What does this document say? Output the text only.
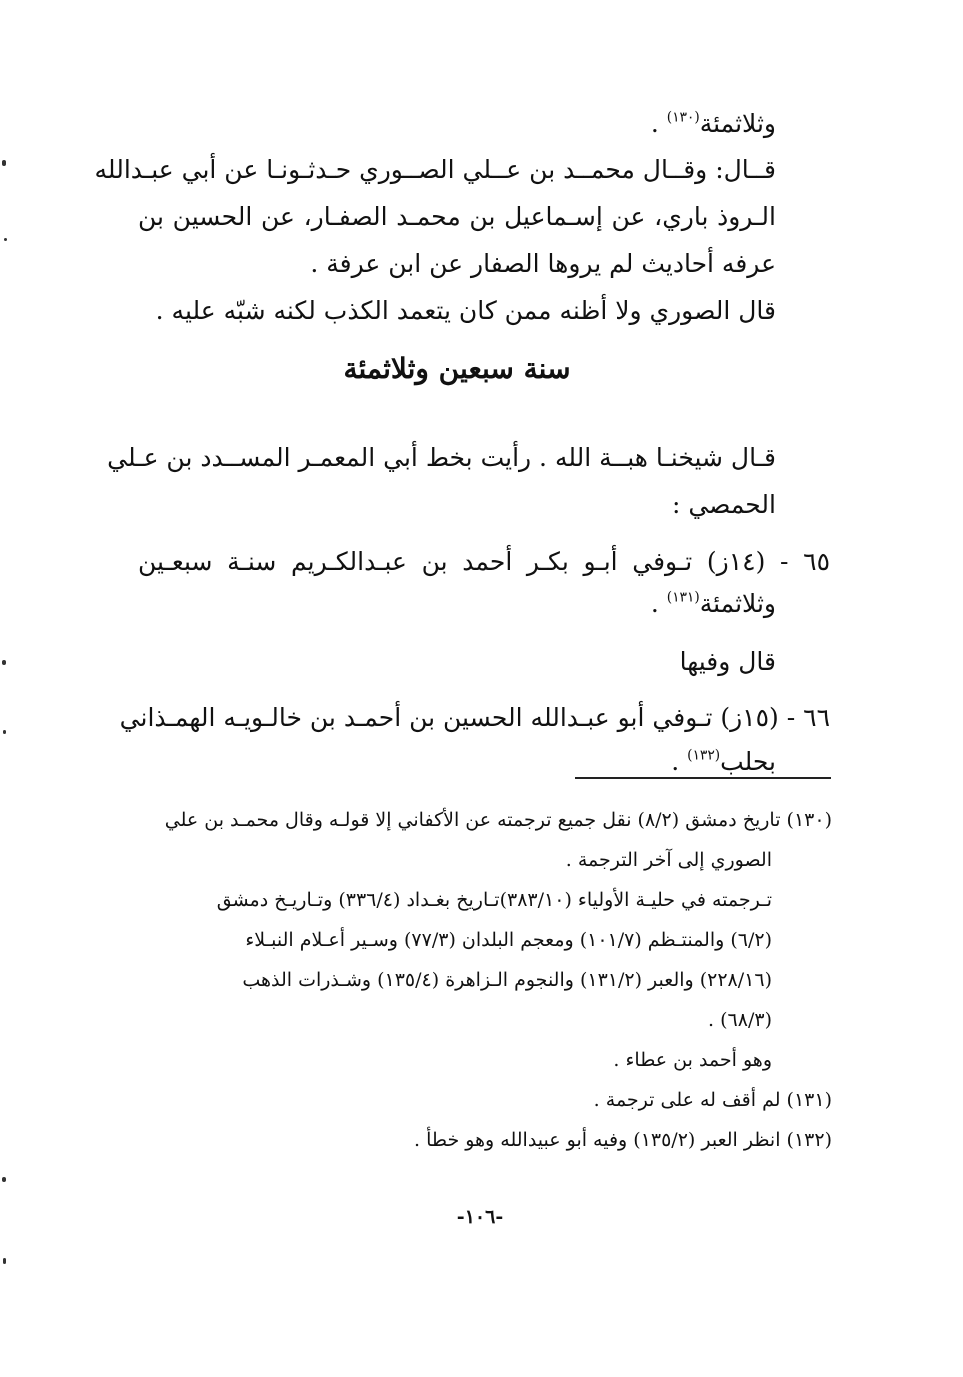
وثلاثمئة$^{(١٣٠)}$ .
قــال: وقــال محمــد بن عــلي الصــوري حـدثـونـا عن أبي عبـدالله
الـروذ باري، عن إسـماعيل بن محمـد الصفـار، عن الحسين بن
عرفه أحاديث لم يروها الصفار عن ابن عرفة .
قال الصوري ولا أظنه ممن كان يتعمد الكذب لكنه شبّه عليه .
سنة سبعين وثلاثمئة
قـال شيخنـا هبــة الله . رأيت بخط أبي المعمـر المســدد بن عـلي
الحمصي :
٦٥ - (١٤ز) تـوفي أبـو بكـر أحمد بن عبـدالكـريم سنـة سبعـين
وثلاثمئة$^{(١٣١)}$ .
قال وفيها
٦٦ - (١٥ز) تـوفي أبو عبـدالله الحسين بن أحمـد بن خالـويـه الهمـذاني
بحلب$^{(١٣٢)}$ .
(١٣٠) تاريخ دمشق (٨/٢) نقل جميع ترجمته عن الأكفاني إلا قولـه وقال محمـد بن علي
الصوري إلى آخر الترجمة .
تـرجمته في حليـة الأولياء (٣٨٣/١٠)تـاريخ بغـداد (٣٣٦/٤) وتـاريـخ دمشق
(٦/٢) والمنتـظم (١٠١/٧) ومعجم البلدان (٧٧/٣) وسـير أعـلام النبـلاء
(٢٢٨/١٦) والعبر (١٣١/٢) والنجوم الـزاهرة (١٣٥/٤) وشـذرات الذهب
(٦٨/٣) .
وهو أحمد بن عطاء .
(١٣١) لم أقف له على ترجمة .
(١٣٢) انظر العبر (١٣٥/٢) وفيه أبو عبيدالله وهو خطأ .
-١٠٦-
